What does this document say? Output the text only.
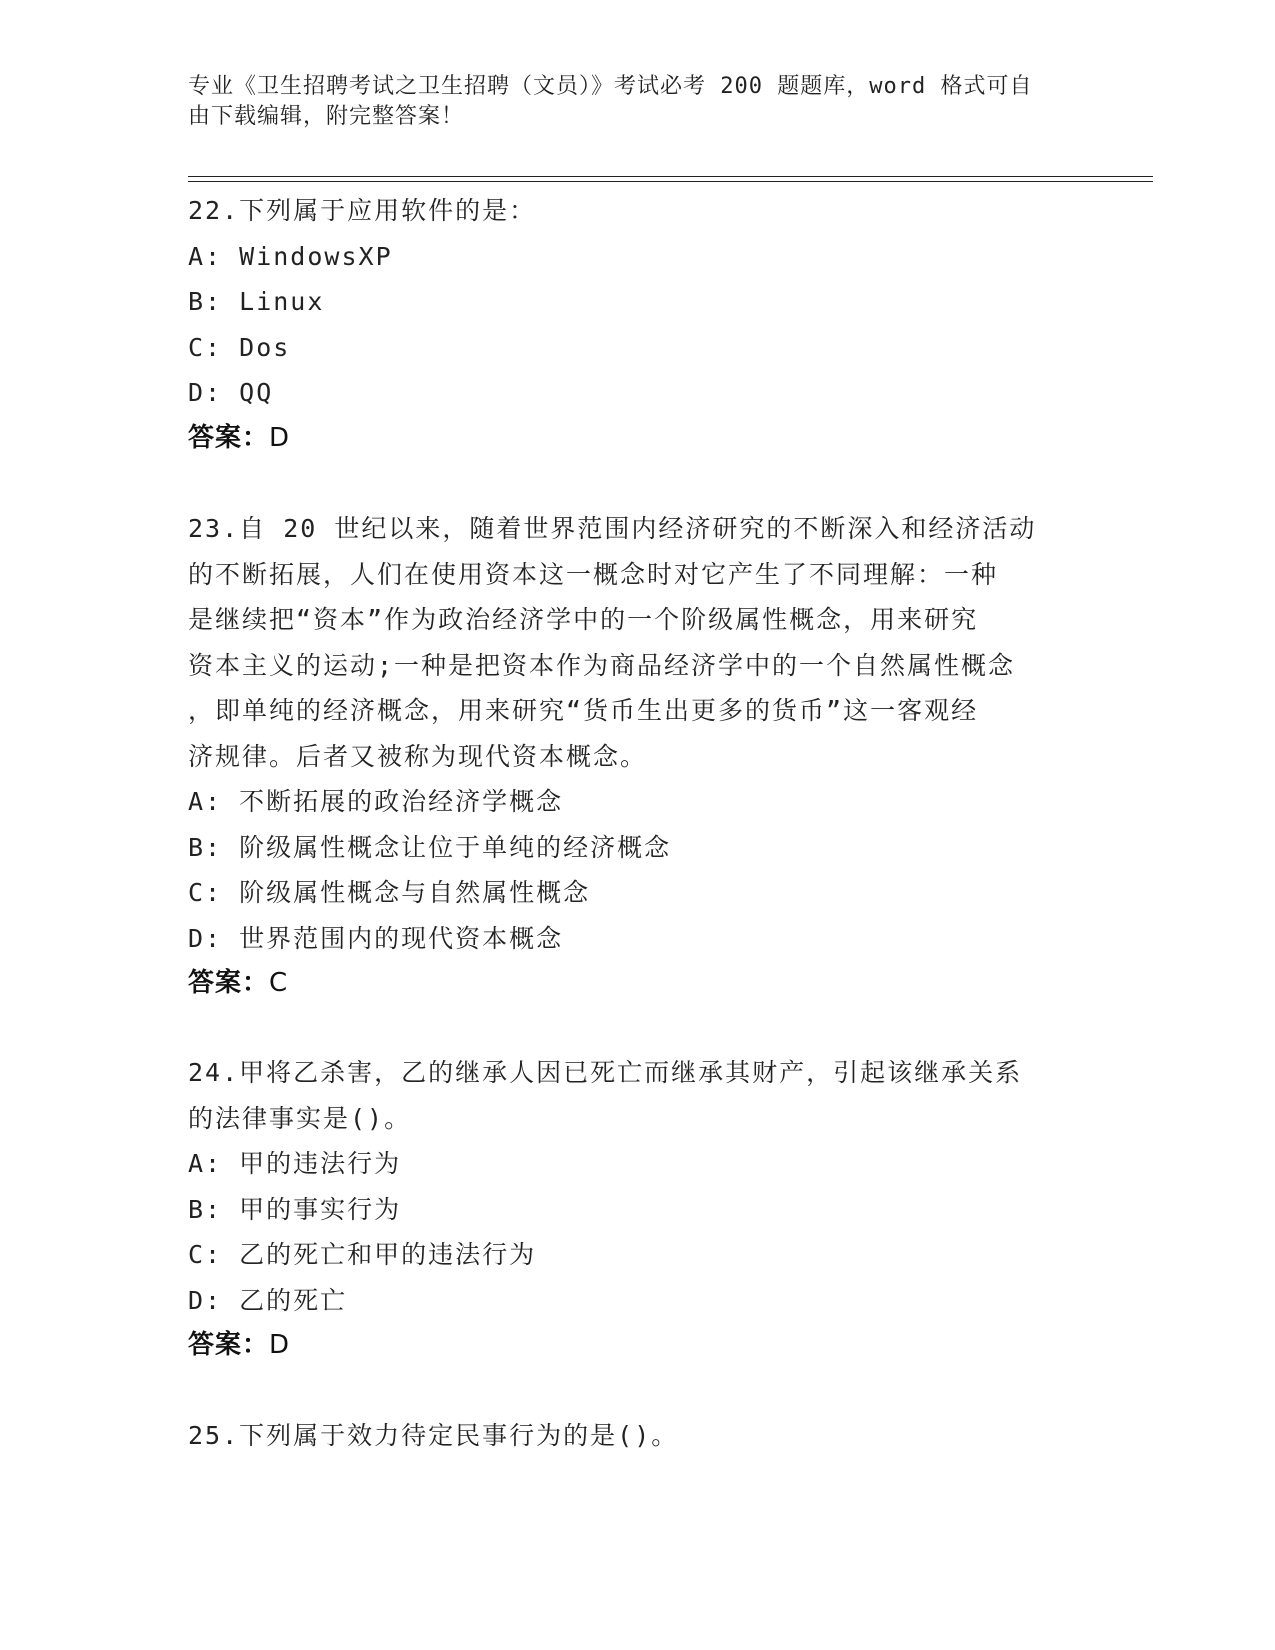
专业《卫生招聘考试之卫生招聘（文员）》考试必考 200 题题库，word 格式可自
由下载编辑，附完整答案！
22.下列属于应用软件的是：
A: WindowsXP
B: Linux
C: Dos
D: QQ
答案：D
23.自 20 世纪以来，随着世界范围内经济研究的不断深入和经济活动
的不断拓展，人们在使用资本这一概念时对它产生了不同理解：一种
是继续把“资本”作为政治经济学中的一个阶级属性概念，用来研究
资本主义的运动;一种是把资本作为商品经济学中的一个自然属性概念
，即单纯的经济概念，用来研究“货币生出更多的货币”这一客观经
济规律。后者又被称为现代资本概念。
A: 不断拓展的政治经济学概念
B: 阶级属性概念让位于单纯的经济概念
C: 阶级属性概念与自然属性概念
D: 世界范围内的现代资本概念
答案：C
24.甲将乙杀害，乙的继承人因已死亡而继承其财产，引起该继承关系
的法律事实是()。
A: 甲的违法行为
B: 甲的事实行为
C: 乙的死亡和甲的违法行为
D: 乙的死亡
答案：D
25.下列属于效力待定民事行为的是()。
